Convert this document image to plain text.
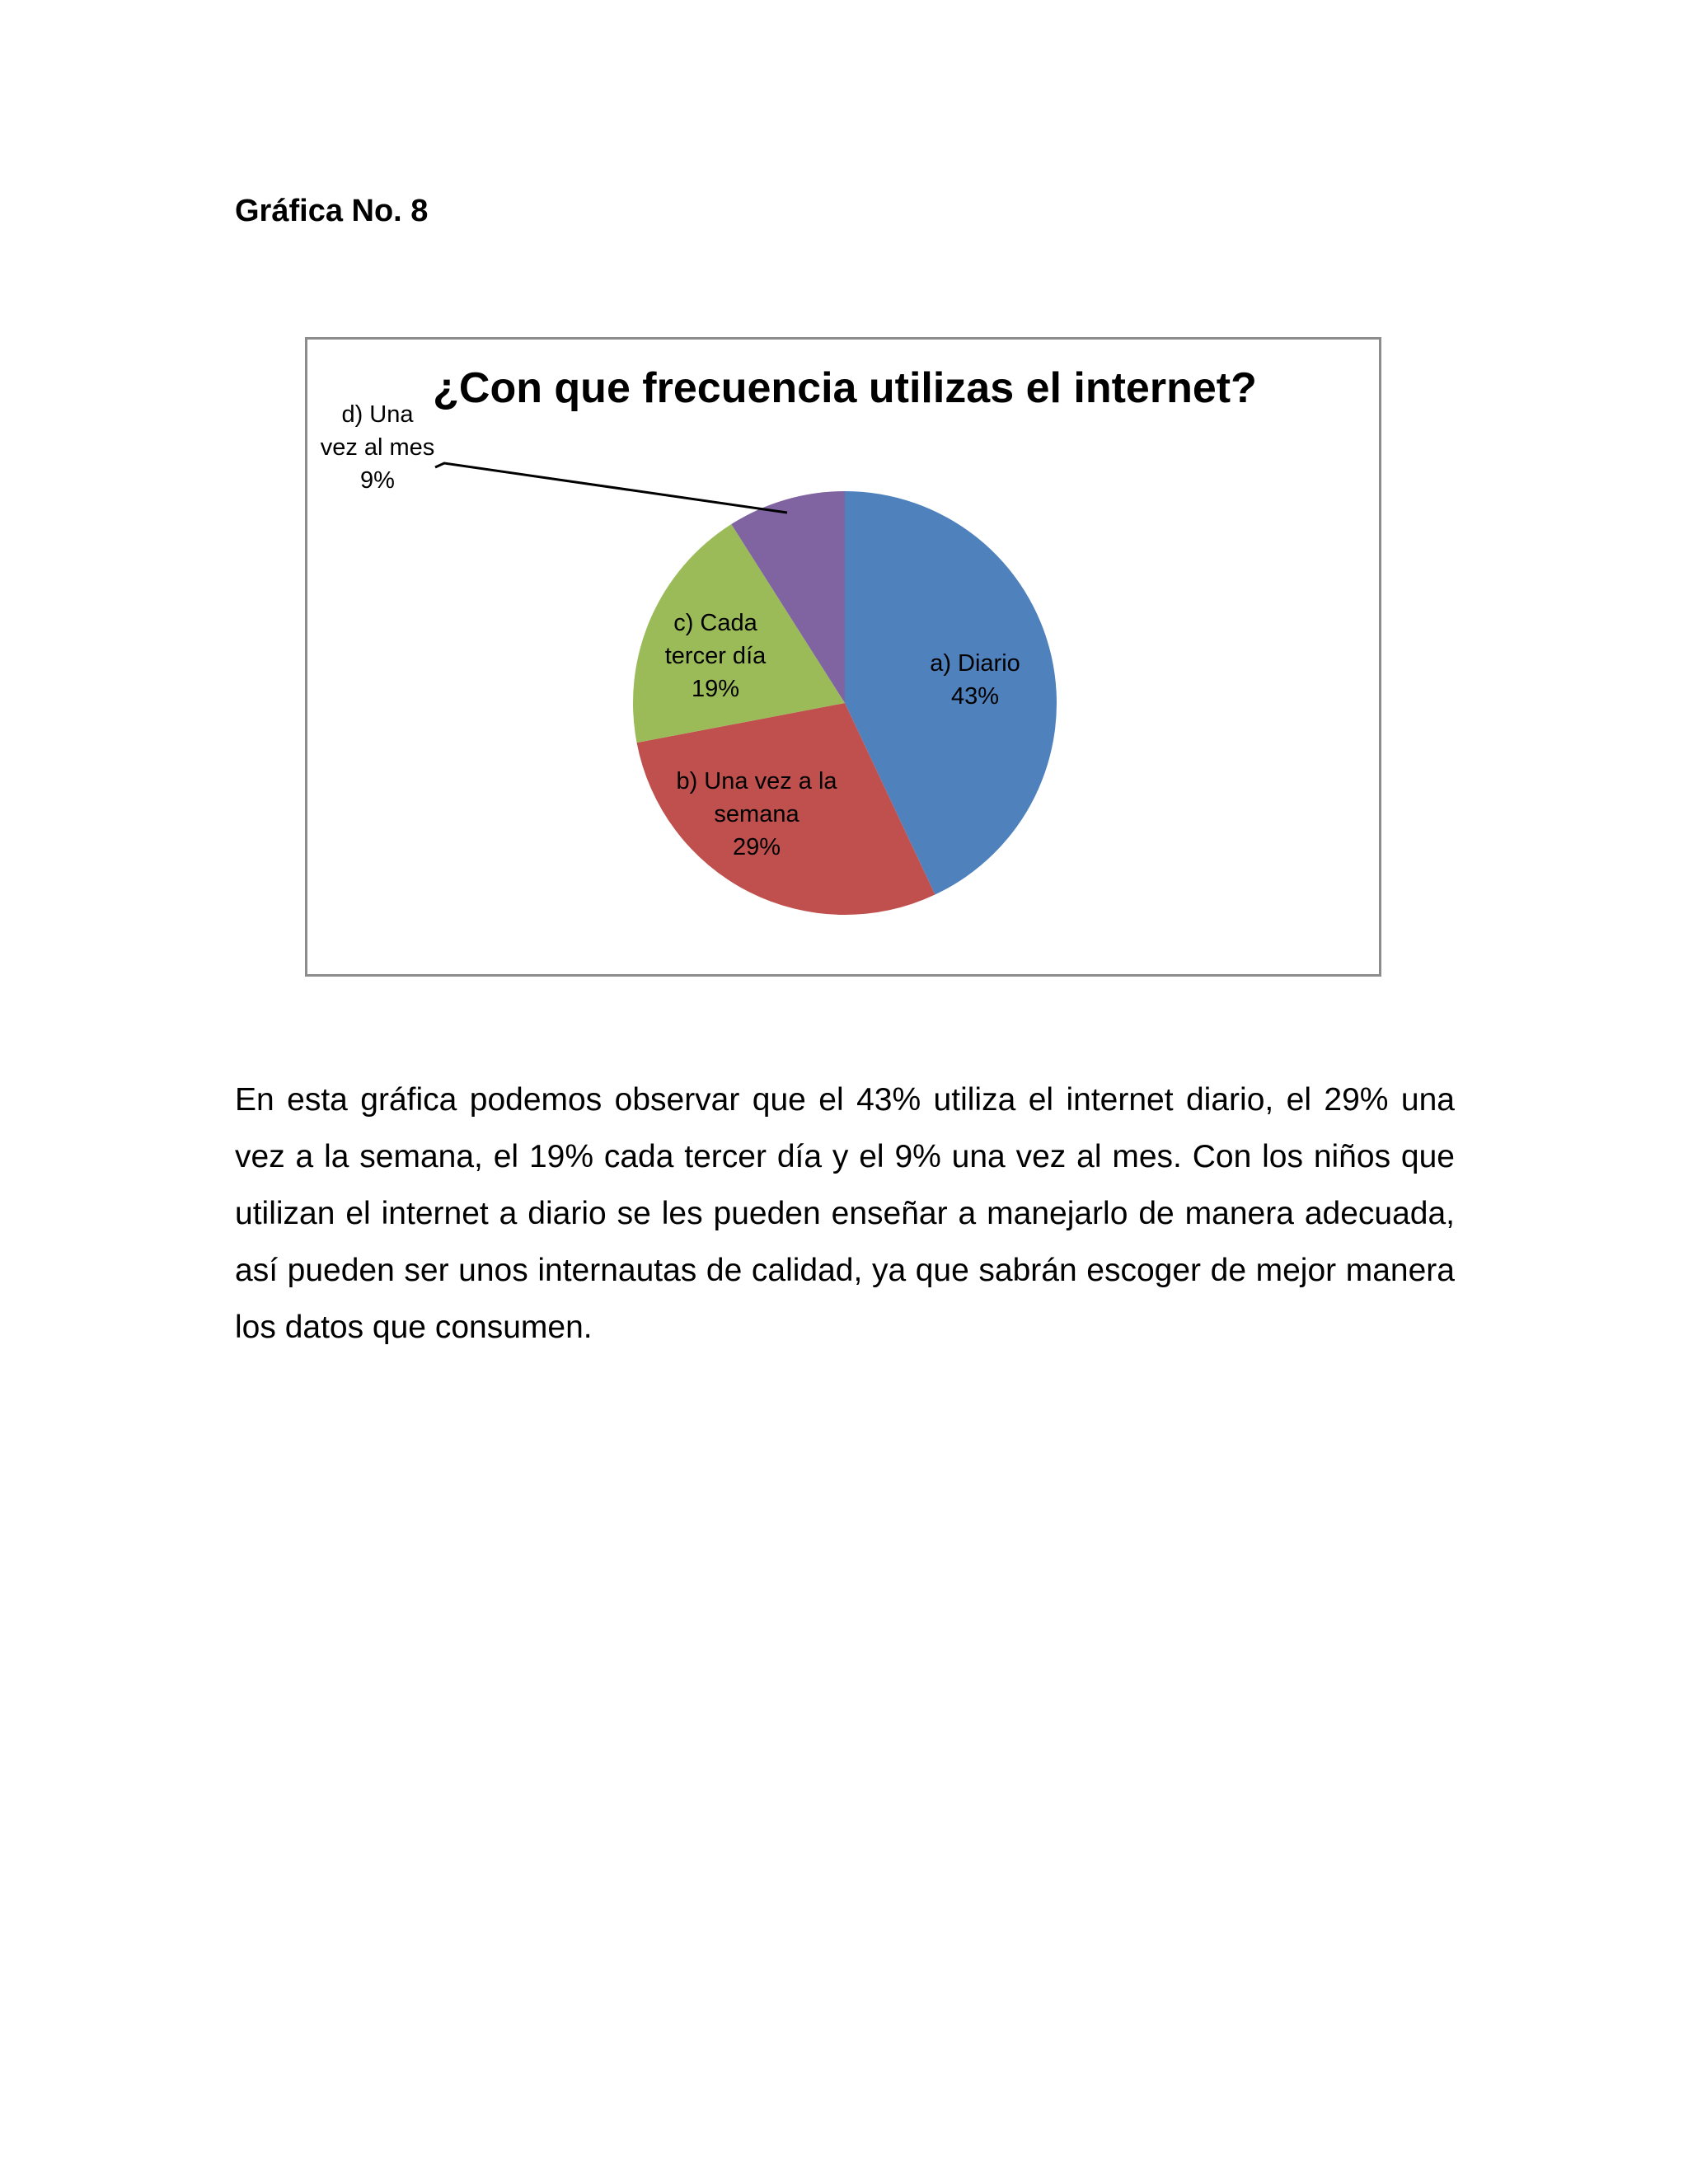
Gráfica No. 8
¿Con que frecuencia utilizas el internet?
a) Diario 43%
b) Una vez a la semana 29%
c) Cada tercer día 19%
d) Una vez al mes 9%
En esta gráfica podemos observar que el 43% utiliza el internet diario, el 29% una vez a la semana, el 19% cada tercer día y el 9% una vez al mes. Con los niños que utilizan el internet a diario se les pueden enseñar a manejarlo de manera adecuada, así pueden ser unos internautas de calidad, ya que sabrán escoger de mejor manera los datos que consumen.
